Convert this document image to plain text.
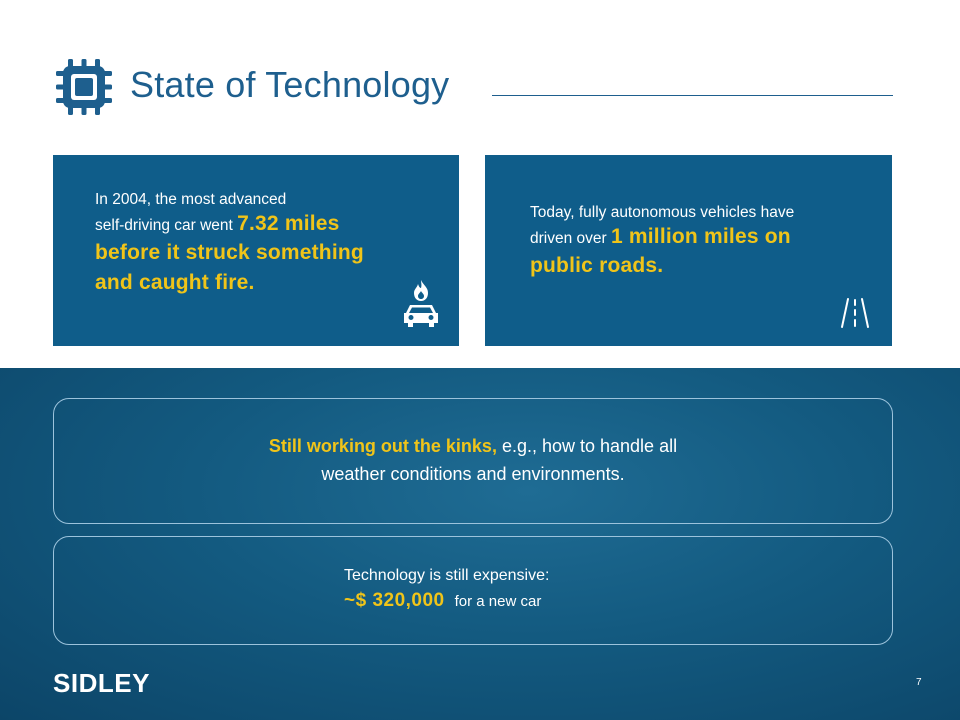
State of Technology
In 2004, the most advanced
self-driving car went 7.32 miles
before it struck something
and caught fire.
Today, fully autonomous vehicles have
driven over 1 million miles on
public roads.
Still working out the kinks, e.g., how to handle all
weather conditions and environments.
Technology is still expensive:
~$ 320,000 for a new car
SIDLEY	7
